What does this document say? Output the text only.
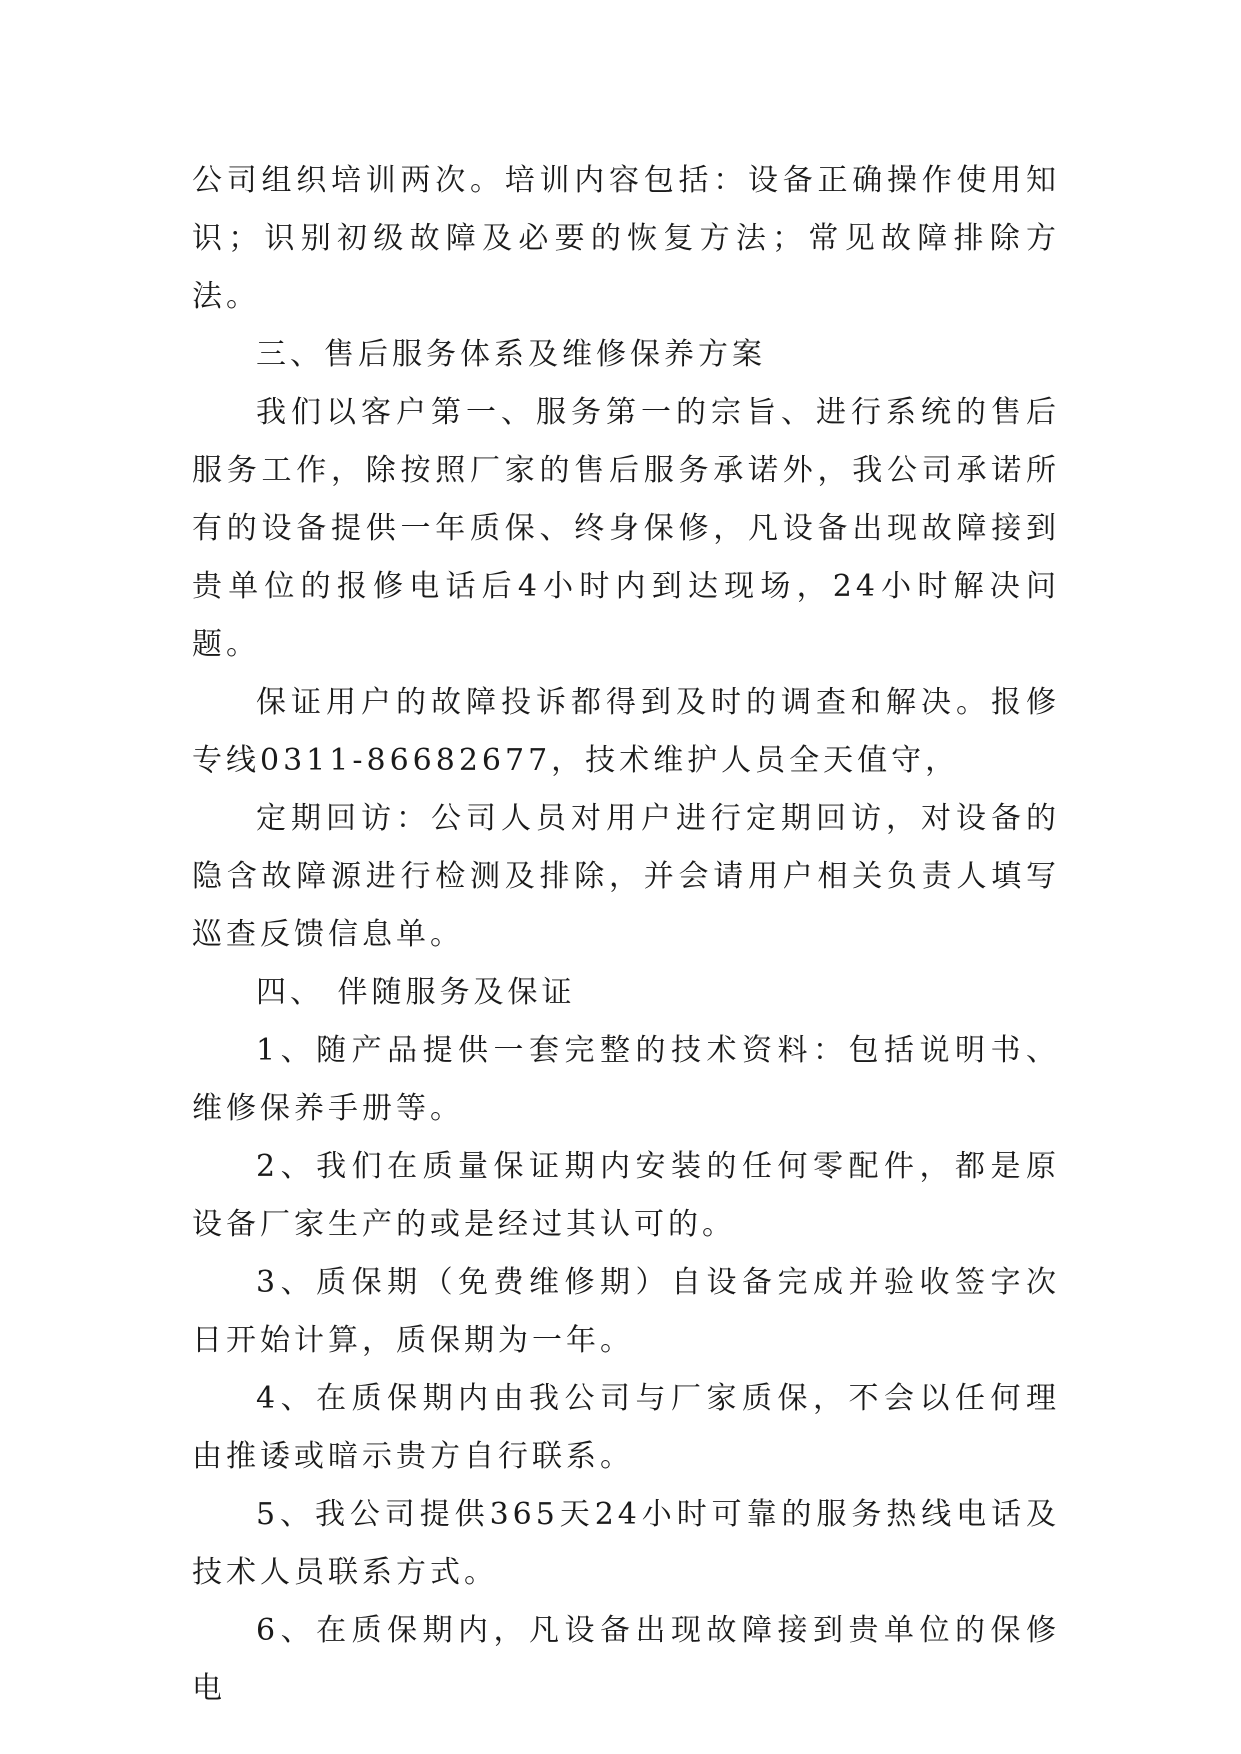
公司组织培训两次。培训内容包括：设备正确操作使用知识；识别初级故障及必要的恢复方法；常见故障排除方法。

三、售后服务体系及维修保养方案

我们以客户第一、服务第一的宗旨、进行系统的售后服务工作，除按照厂家的售后服务承诺外，我公司承诺所有的设备提供一年质保、终身保修，凡设备出现故障接到贵单位的报修电话后4小时内到达现场，24小时解决问题。

保证用户的故障投诉都得到及时的调查和解决。报修专线0311-86682677，技术维护人员全天值守，

定期回访：公司人员对用户进行定期回访，对设备的隐含故障源进行检测及排除，并会请用户相关负责人填写巡查反馈信息单。

四、 伴随服务及保证

1、随产品提供一套完整的技术资料：包括说明书、维修保养手册等。

2、我们在质量保证期内安装的任何零配件，都是原设备厂家生产的或是经过其认可的。

3、质保期（免费维修期）自设备完成并验收签字次日开始计算，质保期为一年。

4、在质保期内由我公司与厂家质保，不会以任何理由推诿或暗示贵方自行联系。

5、我公司提供365天24小时可靠的服务热线电话及技术人员联系方式。

6、在质保期内，凡设备出现故障接到贵单位的保修电
